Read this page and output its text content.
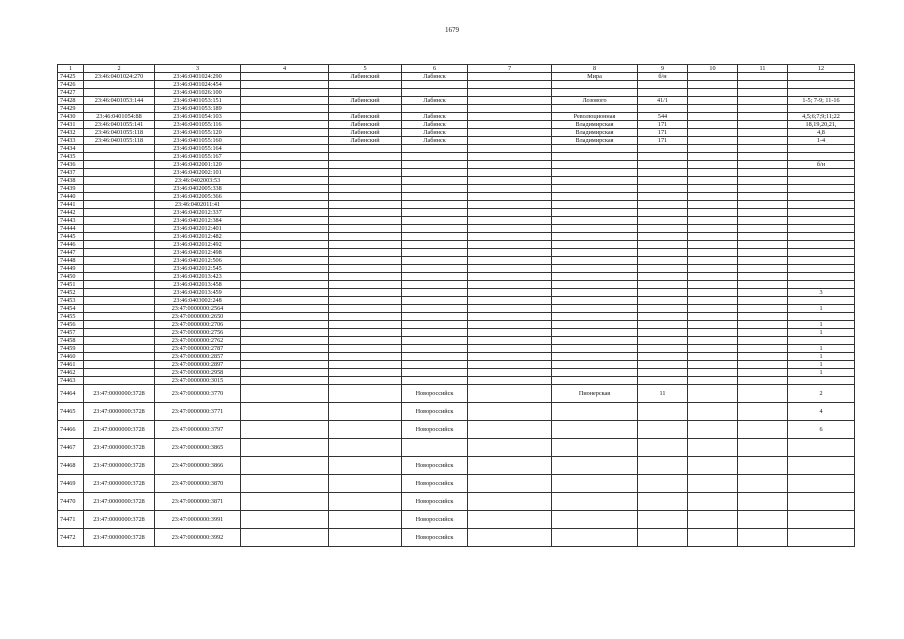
1679
1	2	3	4	5	6	7	8	9	10	11	12
74425	23:46:0401024:270	23:46:0401024:290		Лабинский	Лабинск		Мира	б/н			
74426		23:46:0401024:454									
74427		23:46:0401026:100									
74428	23:46:0401053:144	23:46:0401053:151		Лабинский	Лабинск		Лозового	41/1			1-5; 7-9; 11-16
74429		23:46:0401053:189									
74430	23:46:0401054:88	23:46:0401054:103		Лабинский	Лабинск		Революционная	544			4,5;6;7;9;11;22
74431	23:46:0401055:141	23:46:0401055:116		Лабинский	Лабинск		Владимирская	171			18,19,20,21,
74432	23:46:0401055:118	23:46:0401055:120		Лабинский	Лабинск		Владимирская	171			4,8
74433	23:46:0401055:118	23:46:0401055:160		Лабинский	Лабинск		Владимирская	171			1-4
74434		23:46:0401055:164									
74435		23:46:0401055:167									
74436		23:46:0402001:120									б/н
74437		23:46:0402002:101									
74438		23:46:0402003:53									
74439		23:46:0402005:338									
74440		23:46:0402005:366									
74441		23:46:0402011:41									
74442		23:46:0402012:337									
74443		23:46:0402012:384									
74444		23:46:0402012:401									
74445		23:46:0402012:482									
74446		23:46:0402012:492									
74447		23:46:0402012:498									
74448		23:46:0402012:506									
74449		23:46:0402012:545									
74450		23:46:0402013:423									
74451		23:46:0402013:458									
74452		23:46:0402013:459									3
74453		23:46:0403002:248									
74454		23:47:0000000:2564									1
74455		23:47:0000000:2650									
74456		23:47:0000000:2706									1
74457		23:47:0000000:2756									1
74458		23:47:0000000:2762									
74459		23:47:0000000:2787									1
74460		23:47:0000000:2857									1
74461		23:47:0000000:2897									1
74462		23:47:0000000:2958									1
74463		23:47:0000000:3015									
74464	23:47:0000000:3728	23:47:0000000:3770			Новороссийск		Пионерская	11			2
74465	23:47:0000000:3728	23:47:0000000:3771			Новороссийск						4
74466	23:47:0000000:3728	23:47:0000000:3797			Новороссийск						6
74467	23:47:0000000:3728	23:47:0000000:3865									
74468	23:47:0000000:3728	23:47:0000000:3866			Новороссийск						
74469	23:47:0000000:3728	23:47:0000000:3870			Новороссийск						
74470	23:47:0000000:3728	23:47:0000000:3871			Новороссийск						
74471	23:47:0000000:3728	23:47:0000000:3991			Новороссийск						
74472	23:47:0000000:3728	23:47:0000000:3992			Новороссийск						
